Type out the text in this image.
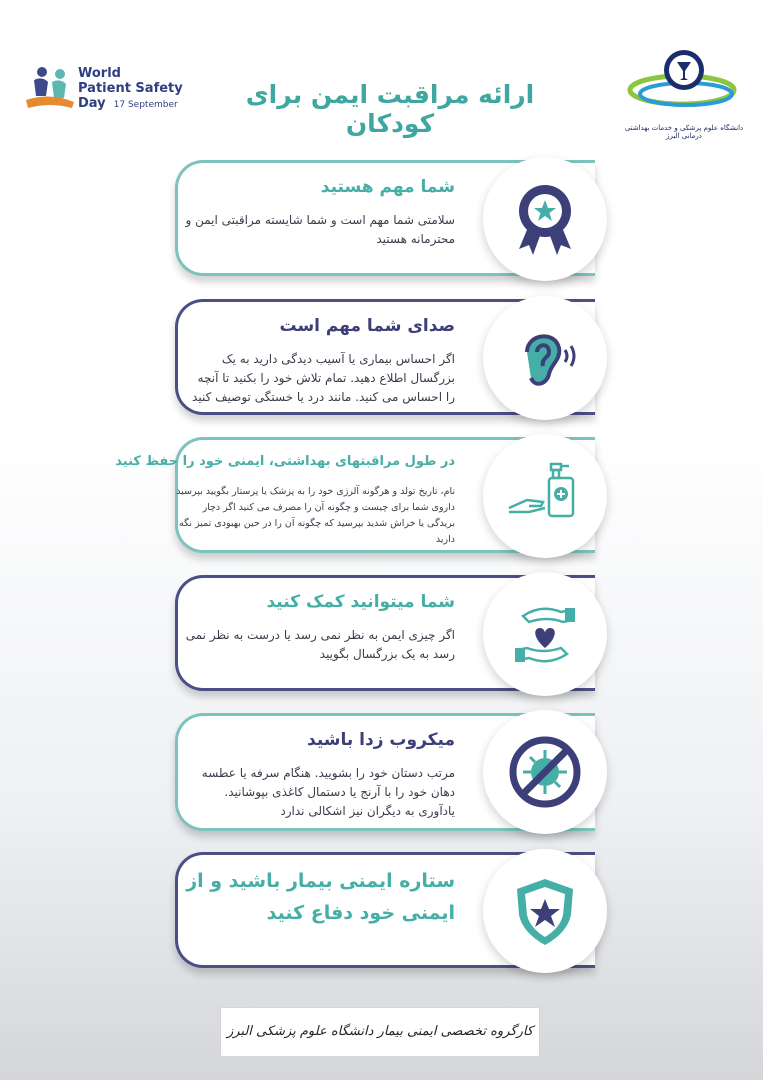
World
Patient Safety
Day 17 September	ارائه مراقبت ایمن برای کودکان	دانشگاه علوم پزشکی و خدمات بهداشتی درمانی البرز
شما مهم هستید
سلامتی شما مهم است و شما شایسته مراقبتی ایمن و محترمانه هستید
صدای شما مهم است
اگر احساس بیماری یا آسیب دیدگی دارید به یک بزرگسال اطلاع دهید. تمام تلاش خود را بکنید تا آنچه را احساس می کنید. مانند درد یا خستگی توصیف کنید
در طول مراقبتهای بهداشتی، ایمنی خود را حفظ کنید
نام، تاریخ تولد و هرگونه آلرژی خود را به پزشک یا پرستار بگویید بپرسید داروی شما برای چیست و چگونه آن را مصرف می کنید اگر دچار بریدگی یا خراش شدید بپرسید که چگونه آن را در حین بهبودی تمیز نگه دارید
شما میتوانید کمک کنید
اگر چیزی ایمن به نظر نمی رسد یا درست به نظر نمی رسد به یک بزرگسال بگویید
میکروب زدا باشید
مرتب دستان خود را بشویید. هنگام سرفه یا عطسه دهان خود را با آرنج یا دستمال کاغذی بپوشانید. یادآوری به دیگران نیز اشکالی ندارد
ستاره ایمنی بیمار باشید و از ایمنی خود دفاع کنید
کارگروه تخصصی ایمنی بیمار دانشگاه علوم پزشکی البرز
